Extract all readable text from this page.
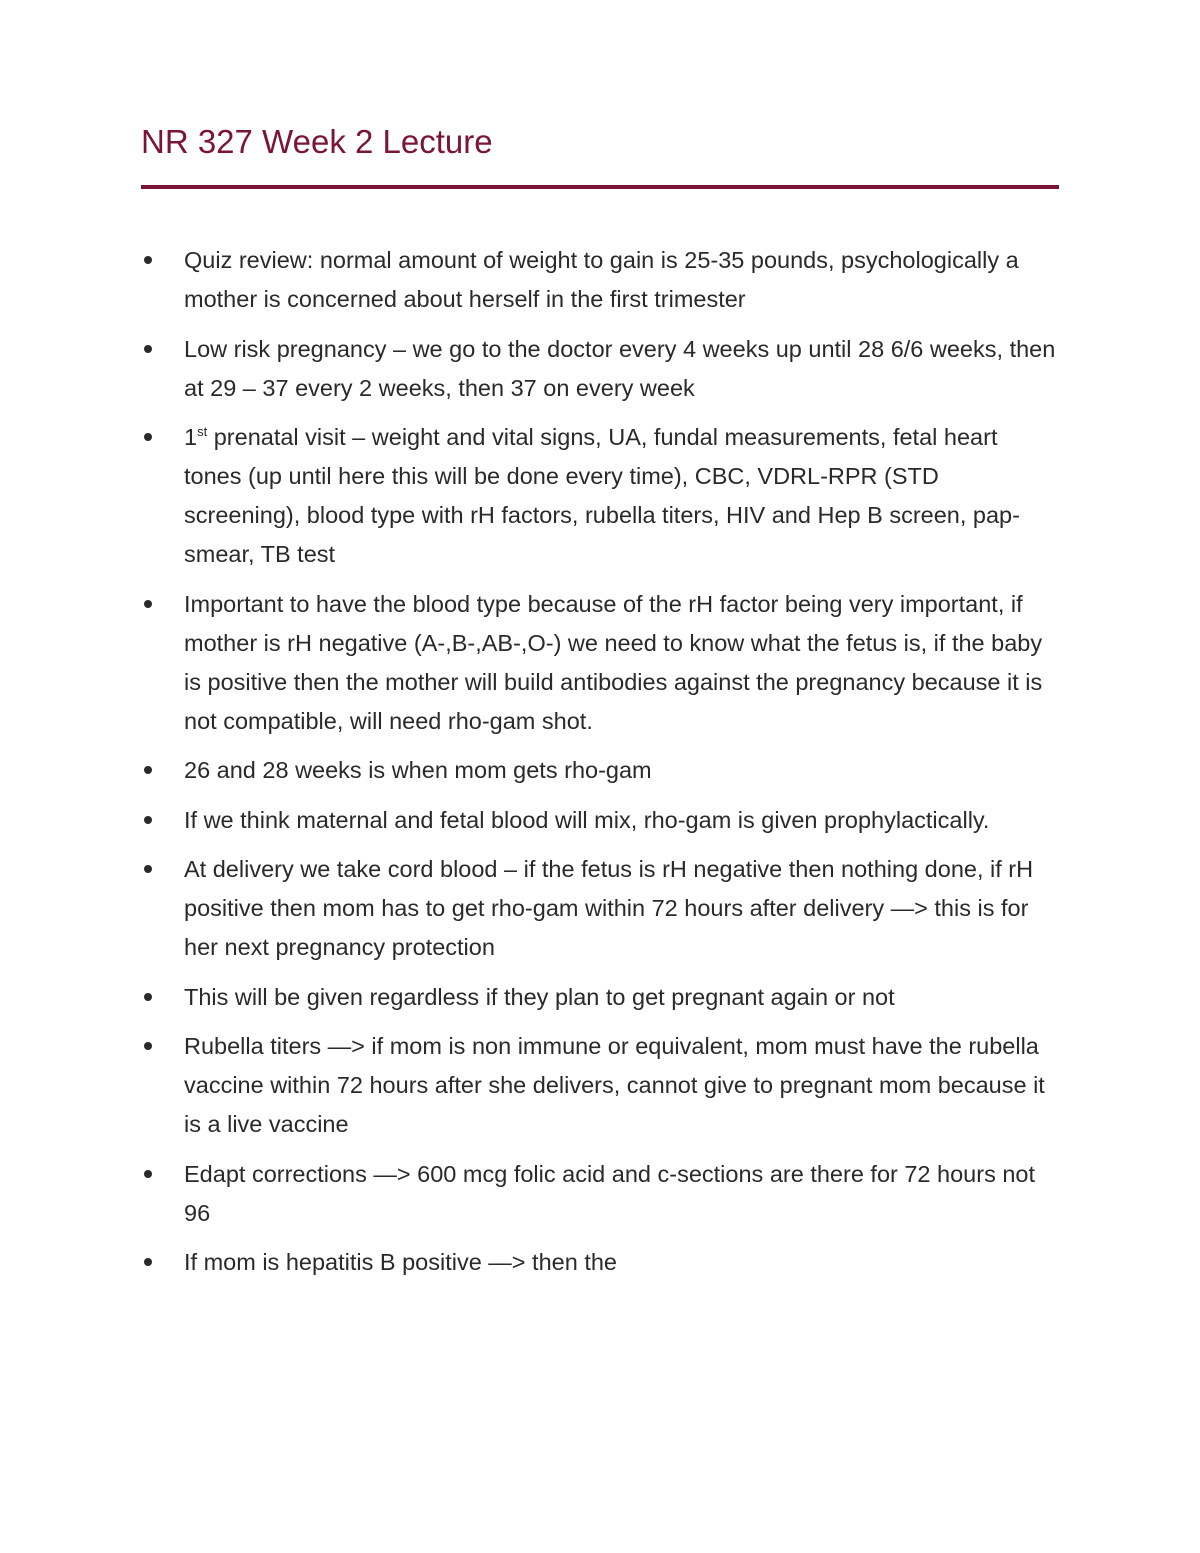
NR 327 Week 2 Lecture
Quiz review: normal amount of weight to gain is 25-35 pounds, psychologically a mother is concerned about herself in the first trimester
Low risk pregnancy – we go to the doctor every 4 weeks up until 28 6/6 weeks, then at 29 – 37 every 2 weeks, then 37 on every week
1st prenatal visit – weight and vital signs, UA, fundal measurements, fetal heart tones (up until here this will be done every time), CBC, VDRL-RPR (STD screening), blood type with rH factors, rubella titers, HIV and Hep B screen, pap-smear, TB test
Important to have the blood type because of the rH factor being very important, if mother is rH negative (A-,B-,AB-,O-) we need to know what the fetus is, if the baby is positive then the mother will build antibodies against the pregnancy because it is not compatible, will need rho-gam shot.
26 and 28 weeks is when mom gets rho-gam
If we think maternal and fetal blood will mix, rho-gam is given prophylactically.
At delivery we take cord blood – if the fetus is rH negative then nothing done, if rH positive then mom has to get rho-gam within 72 hours after delivery —> this is for her next pregnancy protection
This will be given regardless if they plan to get pregnant again or not
Rubella titers —> if mom is non immune or equivalent, mom must have the rubella vaccine within 72 hours after she delivers, cannot give to pregnant mom because it is a live vaccine
Edapt corrections —> 600 mcg folic acid and c-sections are there for 72 hours not 96
If mom is hepatitis B positive —> then the
